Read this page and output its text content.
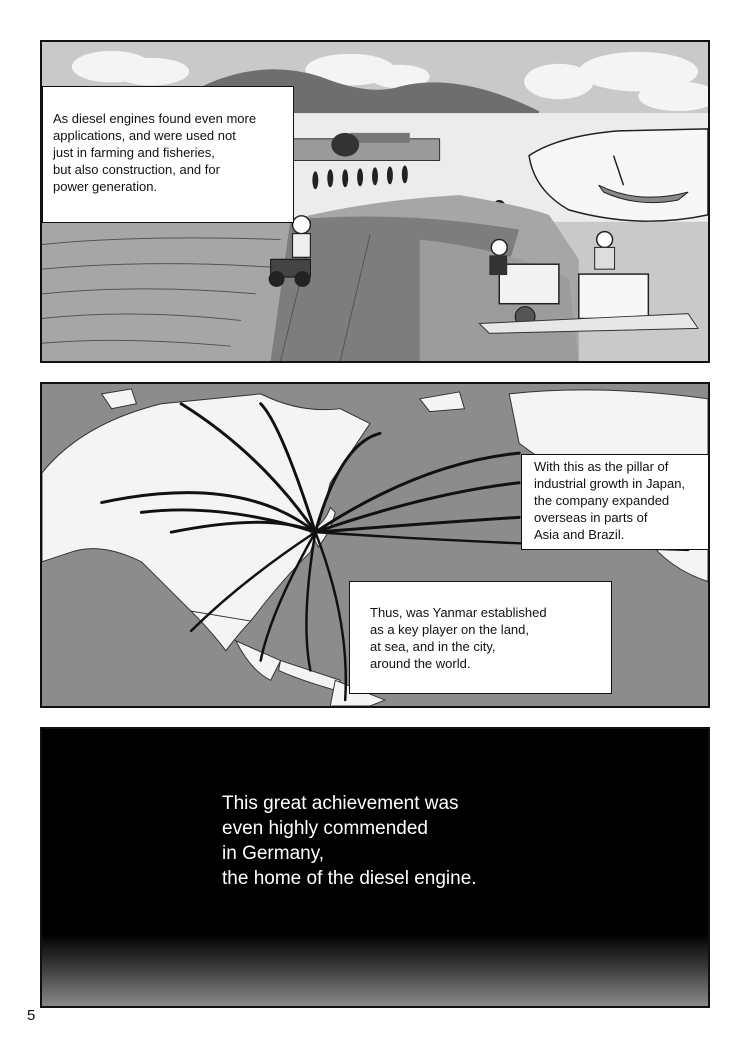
As diesel engines found even more
applications, and were used not
just in farming and fisheries,
but also construction, and for
power generation.
With this as the pillar of
industrial growth in Japan,
the company expanded
overseas in parts of
Asia and Brazil.
Thus, was Yanmar established
as a key player on the land,
at sea, and in the city,
around the world.
This great achievement was
even highly commended
in Germany,
the home of the diesel engine.
5
